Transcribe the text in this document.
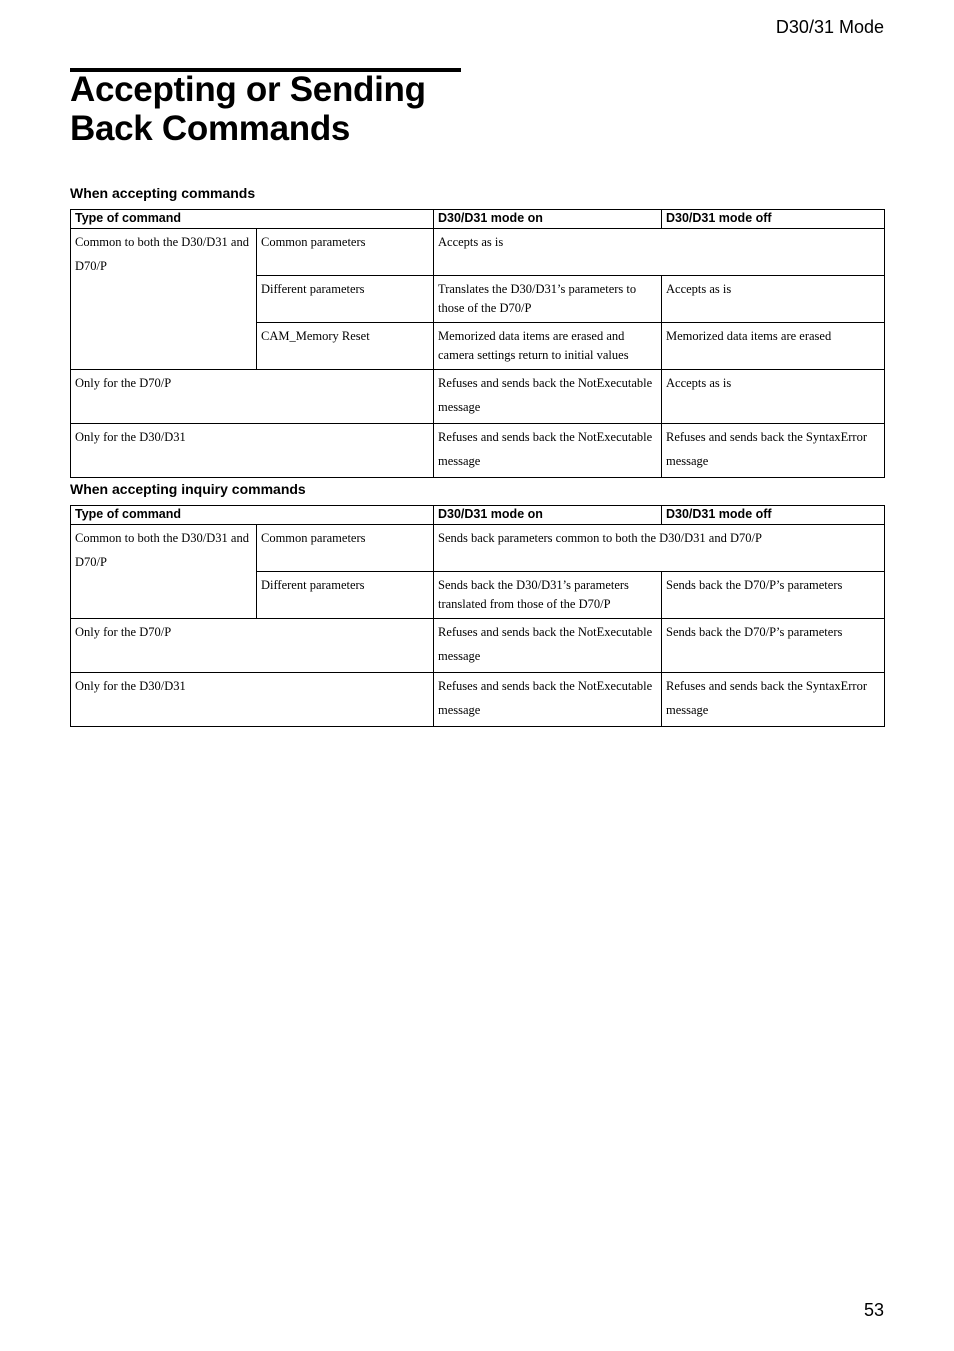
D30/31 Mode
Accepting or Sending
Back Commands
When accepting commands
Type of command		D30/D31 mode on	D30/D31 mode off
Common to both the D30/D31 and D70/P	Common parameters	Accepts as is	
	Different parameters	Translates the D30/D31’s parameters to those of the D70/P	Accepts as is
	CAM_Memory Reset	Memorized data items are erased and camera settings return to initial values	Memorized data items are erased
Only for the D70/P		Refuses and sends back the NotExecutable message	Accepts as is
Only for the D30/D31		Refuses and sends back the NotExecutable message	Refuses and sends back the SyntaxError message
When accepting inquiry commands
Type of command		D30/D31 mode on	D30/D31 mode off
Common to both the D30/D31 and D70/P	Common parameters	Sends back parameters common to both the D30/D31 and D70/P	
	Different parameters	Sends back the D30/D31’s parameters translated from those of the D70/P	Sends back the D70/P’s parameters
Only for the D70/P		Refuses and sends back the NotExecutable message	Sends back the D70/P’s parameters
Only for the D30/D31		Refuses and sends back the NotExecutable message	Refuses and sends back the SyntaxError message
53
